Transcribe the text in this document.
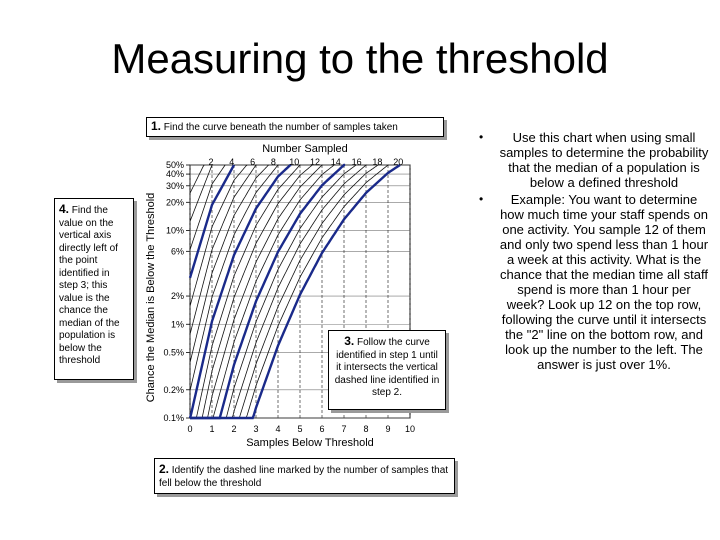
Measuring to the threshold
50%
40%
30%
20%
10%
6%
2%
1%
0.5%
0.2%
0.1%
0 1 2 3 4 5 6 7 8 9 10
Number Sampled
2 4 6 8 10 12 14 16 18 20
Samples Below Threshold
Chance the Median is Below the Threshold
1. Find the curve beneath the number of samples taken
4. Find the value on the vertical axis directly left of the point identified in step 3; this value is the chance the median of the population is below the threshold
3. Follow the curve identified in step 1 until it intersects the vertical dashed line identified in step 2.
2. Identify the dashed line marked by the number of samples that fell below the threshold
• Use this chart when using small samples to determine the probability that the median of a population is below a defined threshold
• Example: You want to determine how much time your staff spends on one activity. You sample 12 of them and only two spend less than 1 hour a week at this activity. What is the chance that the median time all staff spend is more than 1 hour per week? Look up 12 on the top row, following the curve until it intersects the "2" line on the bottom row, and look up the number to the left. The answer is just over 1%.
